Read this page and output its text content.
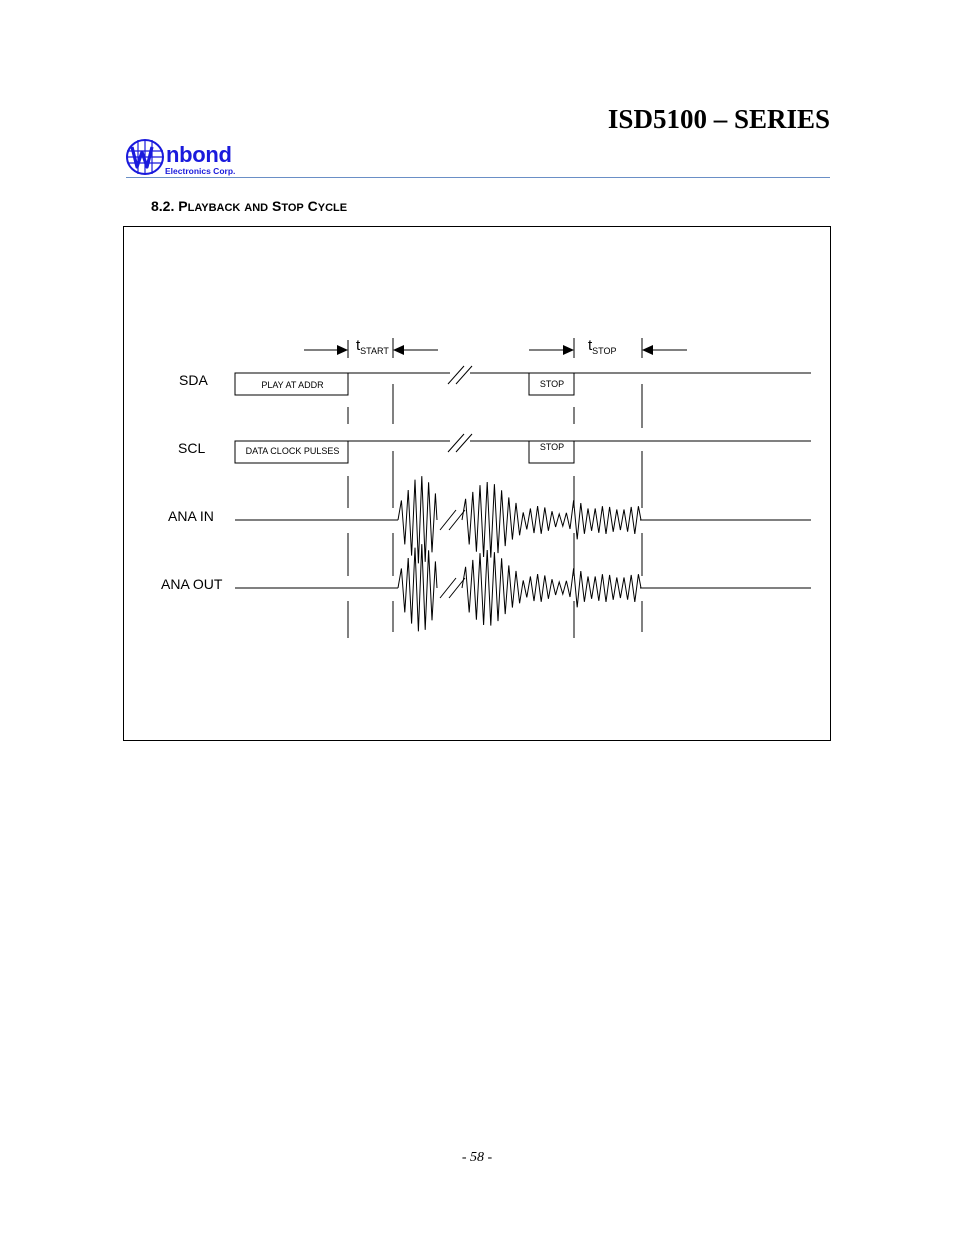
ISD5100 – SERIES
nbond
Electronics Corp.
8.2. PLAYBACK AND STOP CYCLE
SDA
SCL
ANA IN
ANA OUT
PLAY AT ADDR
DATA CLOCK PULSES
STOP
STOP
$t_{START}$	$t_{STOP}$
- 58 -
